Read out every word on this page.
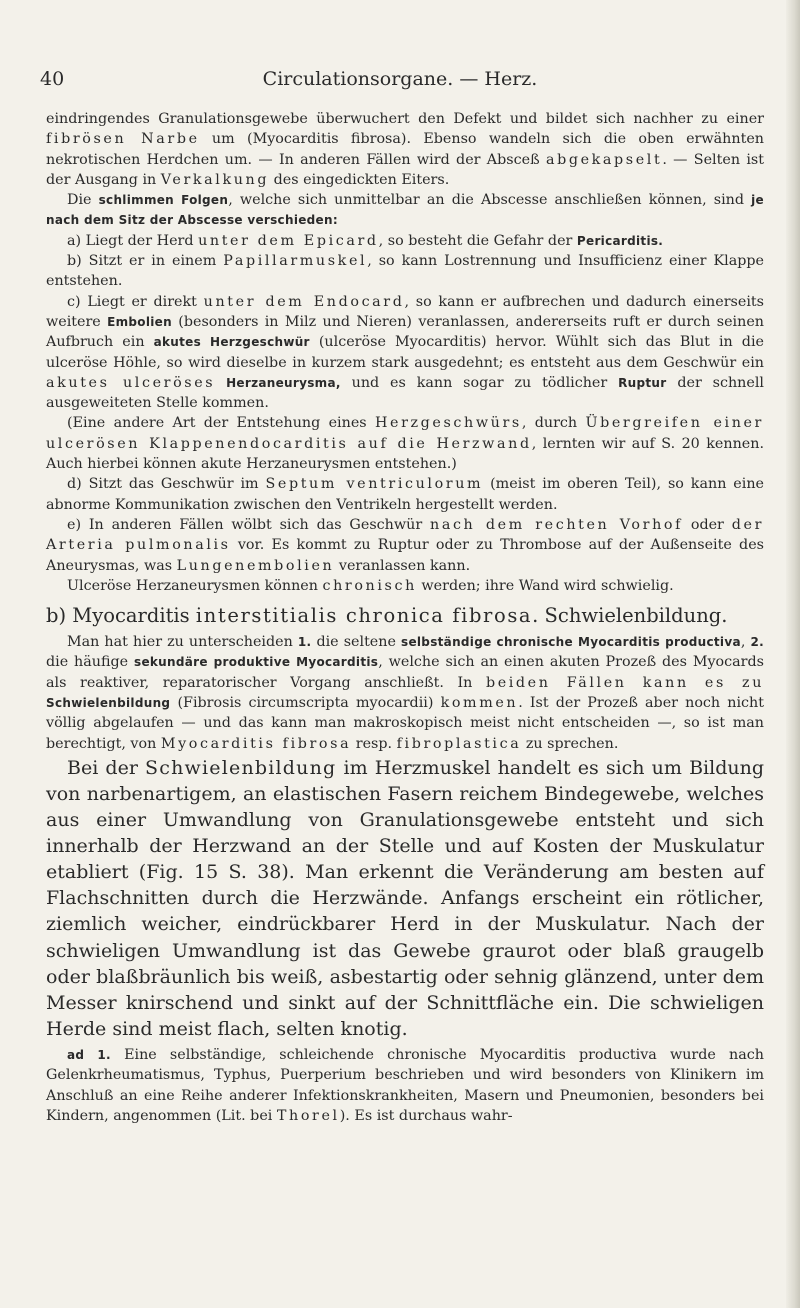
40	Circulationsorgane. — Herz.

eindringendes Granulationsgewebe überwuchert den Defekt und bildet sich nachher zu einer fibrösen Narbe um (Myocarditis fibrosa). Ebenso wandeln sich die oben erwähnten nekrotischen Herdchen um. — In anderen Fällen wird der Absceß abgekapselt. — Selten ist der Ausgang in Verkalkung des eingedickten Eiters.

Die schlimmen Folgen, welche sich unmittelbar an die Abscesse anschließen können, sind je nach dem Sitz der Abscesse verschieden:

a) Liegt der Herd unter dem Epicard, so besteht die Gefahr der Pericarditis.

b) Sitzt er in einem Papillarmuskel, so kann Lostrennung und Insufficienz einer Klappe entstehen.

c) Liegt er direkt unter dem Endocard, so kann er aufbrechen und dadurch einerseits weitere Embolien (besonders in Milz und Nieren) veranlassen, andererseits ruft er durch seinen Aufbruch ein akutes Herzgeschwür (ulceröse Myocarditis) hervor. Wühlt sich das Blut in die ulceröse Höhle, so wird dieselbe in kurzem stark ausgedehnt; es entsteht aus dem Geschwür ein akutes ulceröses Herzaneurysma, und es kann sogar zu tödlicher Ruptur der schnell ausgeweiteten Stelle kommen.

(Eine andere Art der Entstehung eines Herzgeschwürs, durch Übergreifen einer ulcerösen Klappenendocarditis auf die Herzwand, lernten wir auf S. 20 kennen. Auch hierbei können akute Herzaneurysmen entstehen.)

d) Sitzt das Geschwür im Septum ventriculorum (meist im oberen Teil), so kann eine abnorme Kommunikation zwischen den Ventrikeln hergestellt werden.

e) In anderen Fällen wölbt sich das Geschwür nach dem rechten Vorhof oder der Arteria pulmonalis vor. Es kommt zu Ruptur oder zu Thrombose auf der Außenseite des Aneurysmas, was Lungenembolien veranlassen kann.

Ulceröse Herzaneurysmen können chronisch werden; ihre Wand wird schwielig.

b) Myocarditis interstitialis chronica fibrosa. Schwielenbildung.

Man hat hier zu unterscheiden 1. die seltene selbständige chronische Myocarditis productiva, 2. die häufige sekundäre produktive Myocarditis, welche sich an einen akuten Prozeß des Myocards als reaktiver, reparatorischer Vorgang anschließt. In beiden Fällen kann es zu Schwielenbildung (Fibrosis circumscripta myocardii) kommen. Ist der Prozeß aber noch nicht völlig abgelaufen — und das kann man makroskopisch meist nicht entscheiden —, so ist man berechtigt, von Myocarditis fibrosa resp. fibroplastica zu sprechen.

Bei der Schwielenbildung im Herzmuskel handelt es sich um Bildung von narbenartigem, an elastischen Fasern reichem Bindegewebe, welches aus einer Umwandlung von Granulationsgewebe entsteht und sich innerhalb der Herzwand an der Stelle und auf Kosten der Muskulatur etabliert (Fig. 15 S. 38). Man erkennt die Veränderung am besten auf Flachschnitten durch die Herzwände. Anfangs erscheint ein rötlicher, ziemlich weicher, eindrückbarer Herd in der Muskulatur. Nach der schwieligen Umwandlung ist das Gewebe graurot oder blaß graugelb oder blaßbräunlich bis weiß, asbestartig oder sehnig glänzend, unter dem Messer knirschend und sinkt auf der Schnittfläche ein. Die schwieligen Herde sind meist flach, selten knotig.

ad 1. Eine selbständige, schleichende chronische Myocarditis productiva wurde nach Gelenkrheumatismus, Typhus, Puerperium beschrieben und wird besonders von Klinikern im Anschluß an eine Reihe anderer Infektionskrankheiten, Masern und Pneumonien, besonders bei Kindern, angenommen (Lit. bei Thorel). Es ist durchaus wahr-
